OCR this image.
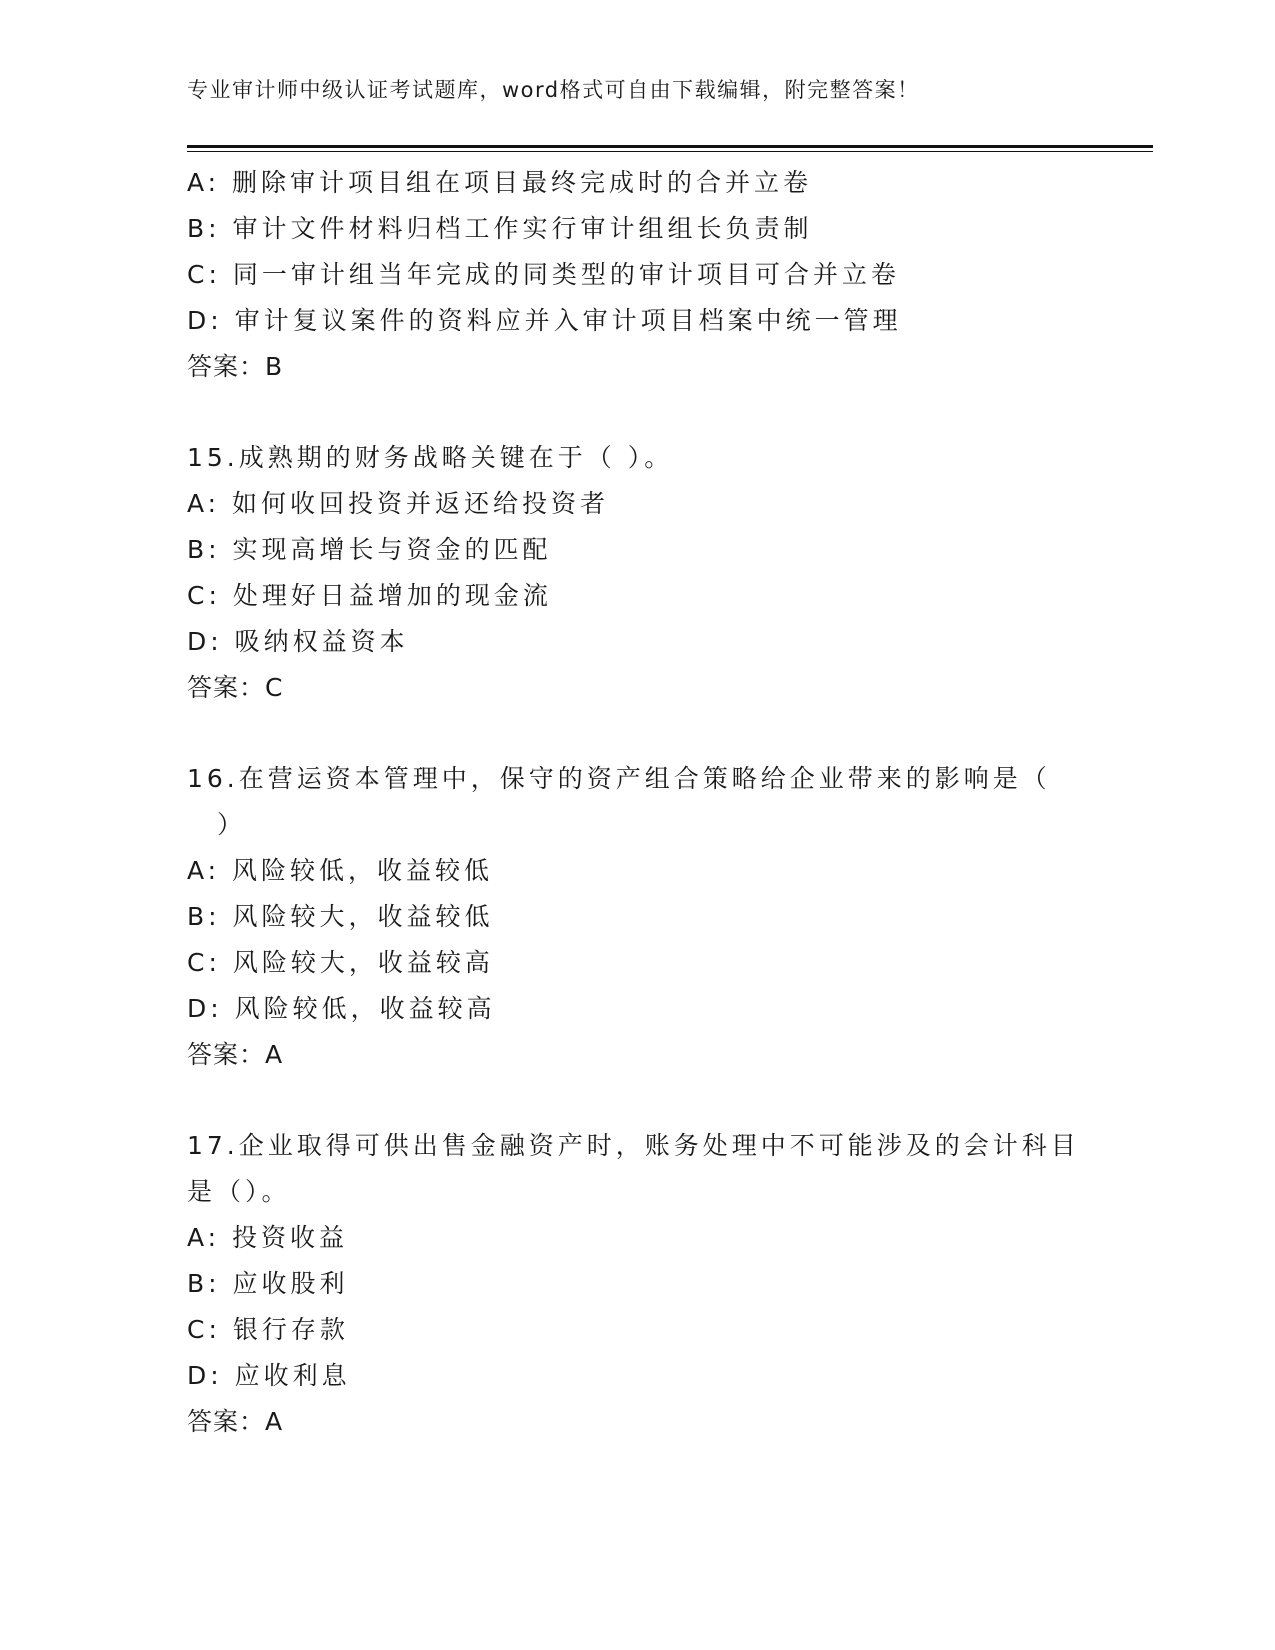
专业审计师中级认证考试题库，word格式可自由下载编辑，附完整答案！
A: 删除审计项目组在项目最终完成时的合并立卷
B: 审计文件材料归档工作实行审计组组长负责制
C: 同一审计组当年完成的同类型的审计项目可合并立卷
D: 审计复议案件的资料应并入审计项目档案中统一管理
答案：B
15.成熟期的财务战略关键在于（ ）。
A: 如何收回投资并返还给投资者
B: 实现高增长与资金的匹配
C: 处理好日益增加的现金流
D: 吸纳权益资本
答案：C
16.在营运资本管理中，保守的资产组合策略给企业带来的影响是（
）
A: 风险较低，收益较低
B: 风险较大，收益较低
C: 风险较大，收益较高
D: 风险较低，收益较高
答案：A
17.企业取得可供出售金融资产时，账务处理中不可能涉及的会计科目
是（）。
A: 投资收益
B: 应收股利
C: 银行存款
D: 应收利息
答案：A
